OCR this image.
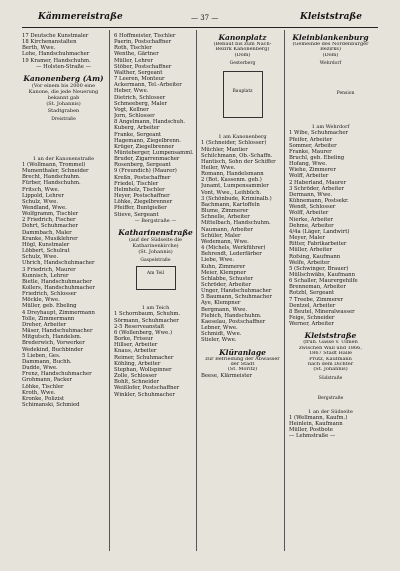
Kämmereistraße	— 37 —	Kleiststraße
17 Deutsche Kunstmaler
18 Kirchenanstalten
Berth, Wwe.
Lohe, Handschuhmacher
19 Kramer, Handschuhm.
— Holsten-Straße —
Kanonenberg (Am)
(Vor einem bis 2000 eine
Kanone, die jede Neuerung
bekannt gab
(St. Johannis)
Stadtgraben
Dreistraße
1 an der Kanonenstraße
1 (Wollmann, Trommel)
Mumenthaler, Schneider
Brecht, Handschuhm.
Fürber, Handschuhm.
Fritsch, Wwe.
Lippold, Lehrer
Schulz, Wwe.
Wendland, Wwe.
Wolfgramm, Tischler
2 Friedrich, Fischer
Dohrt, Schuhmacher
Dammbach, Maler
Kranke, Musiklehrer
Högl, Kunstmaler
Löbbert, Schulrat
Schulz, Wwe.
Uhrich, Handschuhmacher
3 Friedrich, Maurer
Kunnisch, Lehrer
Bietle, Handschuhmacher
Kollers, Handschuhmacher
Friedrich, Schlosser
Möckle, Wwe.
Müller, geb. Ebeling
4 Dreyhaupt, Zimmermann
Tolle, Zimmermann
Dreher, Arbeiter
Mäser, Handschuhmacher
Mitgutsch, Handelsm.
Brederwich, Vorwerker
Wedekind, Buchbinder
5 Lieben, Ges.
Dammann, Buchh.
Dudde, Wwe.
Frenz, Handschuhmacher
Grohmann, Packer
Löhke, Tischler
Kroth, Wwe.
Kronke, Polizist
Schimanski, Schmied
6 Hoffmeister, Tischler
Paerin, Postschaffner
Roth, Tischler
Wenthe, Gärtner
Müller, Lehrer
Stöber, Postschaffner
Walther, Sergeant
7 Leeren, Monteur
Ackermann, Tel.-Arbeiter
Heber, Wwe.
Dietrich, Schlosser
Schmeeberg, Maler
Vogt, Kellner
Jorn, Schlosser
8 Angelmann, Handschuh.
Kuberg, Arbeiter
Franke, Sergeant
Hagemann, Ziegelbrenn.
Krüger, Ziegelbrenner
Münteberger, Lumpensamml.
Bruder, Zigarrenmacher
Rosenberg, Sergeant
9 (Freundich) (Maurer)
Kreßn, Postschaffner
Friedel, Tischler
Helmholz, Tischler
Heyer, Postschaffner
Löhke, Ziegelbrenner
Pfeiffer, Buntgießer
Stieve, Sergeant
— Bergstraße —
Katharinenstraße
(auf der Südseite die
Katharinenkirche)
(St. Johannis)
Gaspelstraße
Am Teil
1 am Teich
1 Schornbaum, Schuhm.
Sörmann, Schuhmacher
2-5 Reserveanstalt
6 (Wollenberg, Wwe.)
Borke, Friseur
Hillser, Arbeiter
Knaus, Arbeiter
Reimer, Schuhmacher
Köhling, Arbeiter
Stephan, Wollspinner
Zolle, Schlosser
Bohlt, Schneider
Weißlofer, Postschaffner
Winkler, Schuhmacher
Kanonplatz
(Bebaut bis zum Nach-
Bezirk Kanonenberg)
(Dom)
Gesterberg
Bauplatz
1 am Kanonenberg
1 (Schneider, Schlosser)
Müchler, Mantier
Schilchmann, Ob.-Schaffn.
Hantisch, Sohn der Schiffer
Heiler, Wwe.
Romann, Handelsmann
2 (Bot. Kassenm. geb.)
Junamt, Lumpensammler
Vont, Wwe., Leihbüch.
3 (Schönbude, Kriminalb.)
Bachmann, Kartoffeln
Blume, Zimmerer
Schnelle, Arbeiter
Mittelbach, Handschuhm.
Naumann, Arbeiter
Schüler, Maler
Wedemann, Wwe.
4 (Michels, Werkführer)
Behrendt, Lederfärber
Liebe, Wwe.
Kuhn, Zimmerer
Meier, Klempner
Schlabbe, Schuster
Schröder, Arbeiter
Unger, Handschuhmacher
5 Baumann, Schuhmacher
Aye, Klempner
Bergmann, Wwe.
Fiebich, Handschuhm.
Kaeselau, Postschaffner
Lebner, Wwe.
Schmidt, Wwe.
Stieler, Wwe.
Klüranlage
zur Befriedung der Abwässer
der Stadt
(St. Moritz)
Beese, Klärmeister
Kleinblankenburg
(Gemeinde des Nordenburger
Bezirks)
(Dom)
Wehrdorf
Pension
1 am Wehrdorf
1 Wibe, Schuhmacher
Pfeifer, Arbeiter
Sommer, Arbeiter
Franke, Maurer
Bruchl, geb. Ebeling
Hofang, Wwe.
Wiehe, Zimmerer
Wolff, Arbeiter
2 Haberland, Maurer
3 Schröder, Arbeiter
Dermann, Wwe.
Kühnemann, Postsekr.
Wendt, Schlosser
Wolff, Arbeiter
Nierke, Arbeiter
Dehme, Arbeiter
4/4a (Läger, Landwirt)
Meyer, Maler
Ritter, Fabrikarbeiter
Müller, Arbeiter
Rofsing, Kaufmann
Welfe, Arbeiter
5 (Schwinger, Brauer)
Müllschwäbs, Kaufmann
6 Schaller, Maurergehilfe
Brenneman, Arbeiter
Rotzbl, Sergeant
7 Treebe, Zimmerer
Dentzel, Arbeiter
8 Beutel, Mineralwasser
Feige, Schneider
Werner, Arbeiter
Kleiststraße
(früh. Gasse v. Ulmen
zwischen Wall und 1866,
1867 Stadt Halle
Prutz, Kaufmann
nach dem Dichter
(St. Johannis)
Südstraße
Bergstraße
1 an der Südseite
1 (Wellmann, Kaufm.)
Heinlein, Kaufmann
Müller, Postbote
— Lehmstraße —
